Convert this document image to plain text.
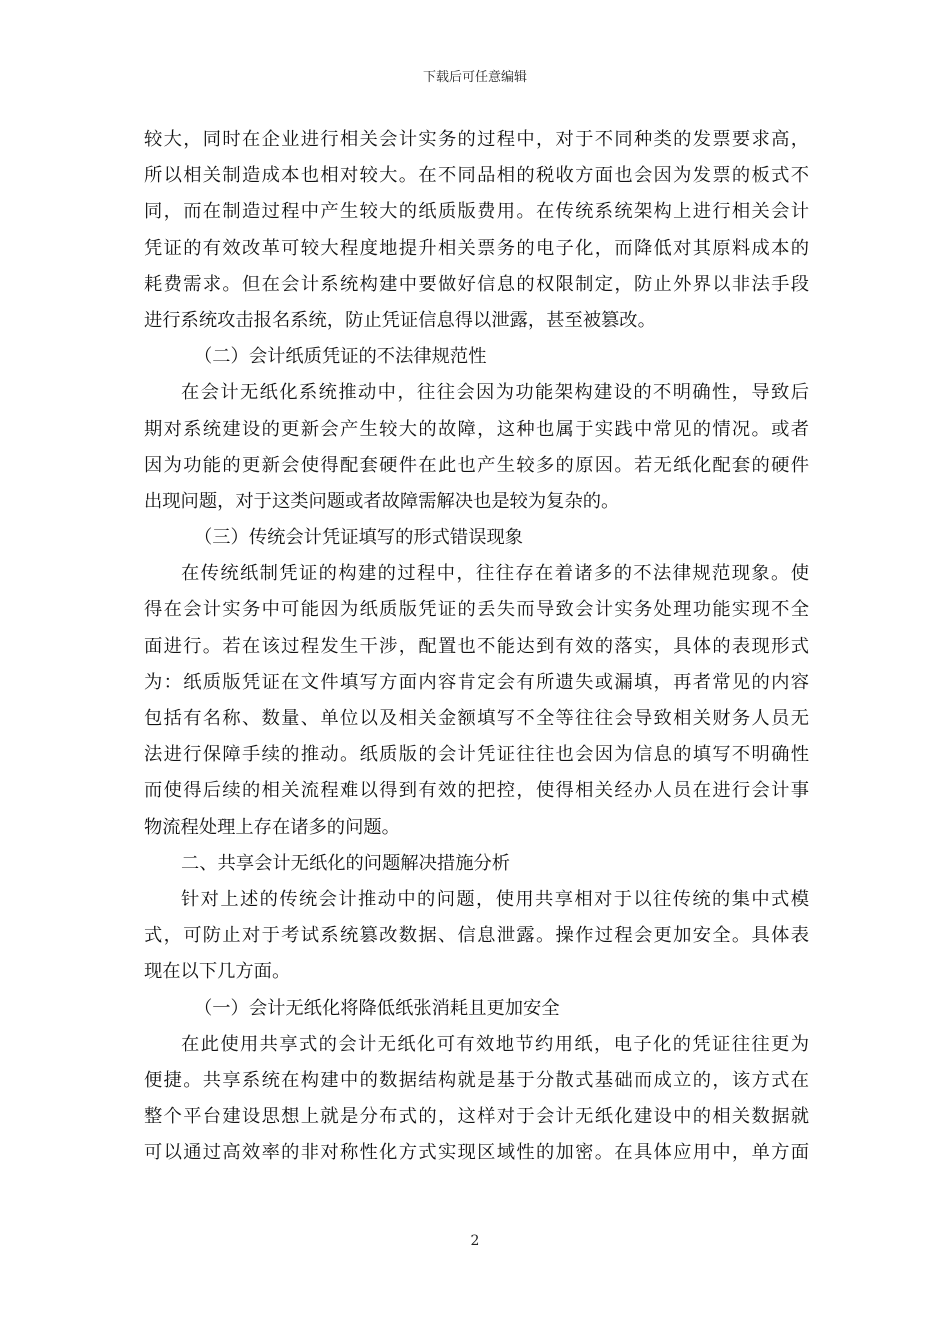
下载后可任意编辑
较大，同时在企业进行相关会计实务的过程中，对于不同种类的发票要求高，
所以相关制造成本也相对较大。在不同品相的税收方面也会因为发票的板式不
同，而在制造过程中产生较大的纸质版费用。在传统系统架构上进行相关会计
凭证的有效改革可较大程度地提升相关票务的电子化，而降低对其原料成本的
耗费需求。但在会计系统构建中要做好信息的权限制定，防止外界以非法手段
进行系统攻击报名系统，防止凭证信息得以泄露，甚至被篡改。
（二）会计纸质凭证的不法律规范性
在会计无纸化系统推动中，往往会因为功能架构建设的不明确性，导致后
期对系统建设的更新会产生较大的故障，这种也属于实践中常见的情况。或者
因为功能的更新会使得配套硬件在此也产生较多的原因。若无纸化配套的硬件
出现问题，对于这类问题或者故障需解决也是较为复杂的。
（三）传统会计凭证填写的形式错误现象
在传统纸制凭证的构建的过程中，往往存在着诸多的不法律规范现象。使
得在会计实务中可能因为纸质版凭证的丢失而导致会计实务处理功能实现不全
面进行。若在该过程发生干涉，配置也不能达到有效的落实，具体的表现形式
为：纸质版凭证在文件填写方面内容肯定会有所遗失或漏填，再者常见的内容
包括有名称、数量、单位以及相关金额填写不全等往往会导致相关财务人员无
法进行保障手续的推动。纸质版的会计凭证往往也会因为信息的填写不明确性
而使得后续的相关流程难以得到有效的把控，使得相关经办人员在进行会计事
物流程处理上存在诸多的问题。
二、共享会计无纸化的问题解决措施分析
针对上述的传统会计推动中的问题，使用共享相对于以往传统的集中式模
式，可防止对于考试系统篡改数据、信息泄露。操作过程会更加安全。具体表
现在以下几方面。
（一）会计无纸化将降低纸张消耗且更加安全
在此使用共享式的会计无纸化可有效地节约用纸，电子化的凭证往往更为
便捷。共享系统在构建中的数据结构就是基于分散式基础而成立的，该方式在
整个平台建设思想上就是分布式的，这样对于会计无纸化建设中的相关数据就
可以通过高效率的非对称性化方式实现区域性的加密。在具体应用中，单方面
2
